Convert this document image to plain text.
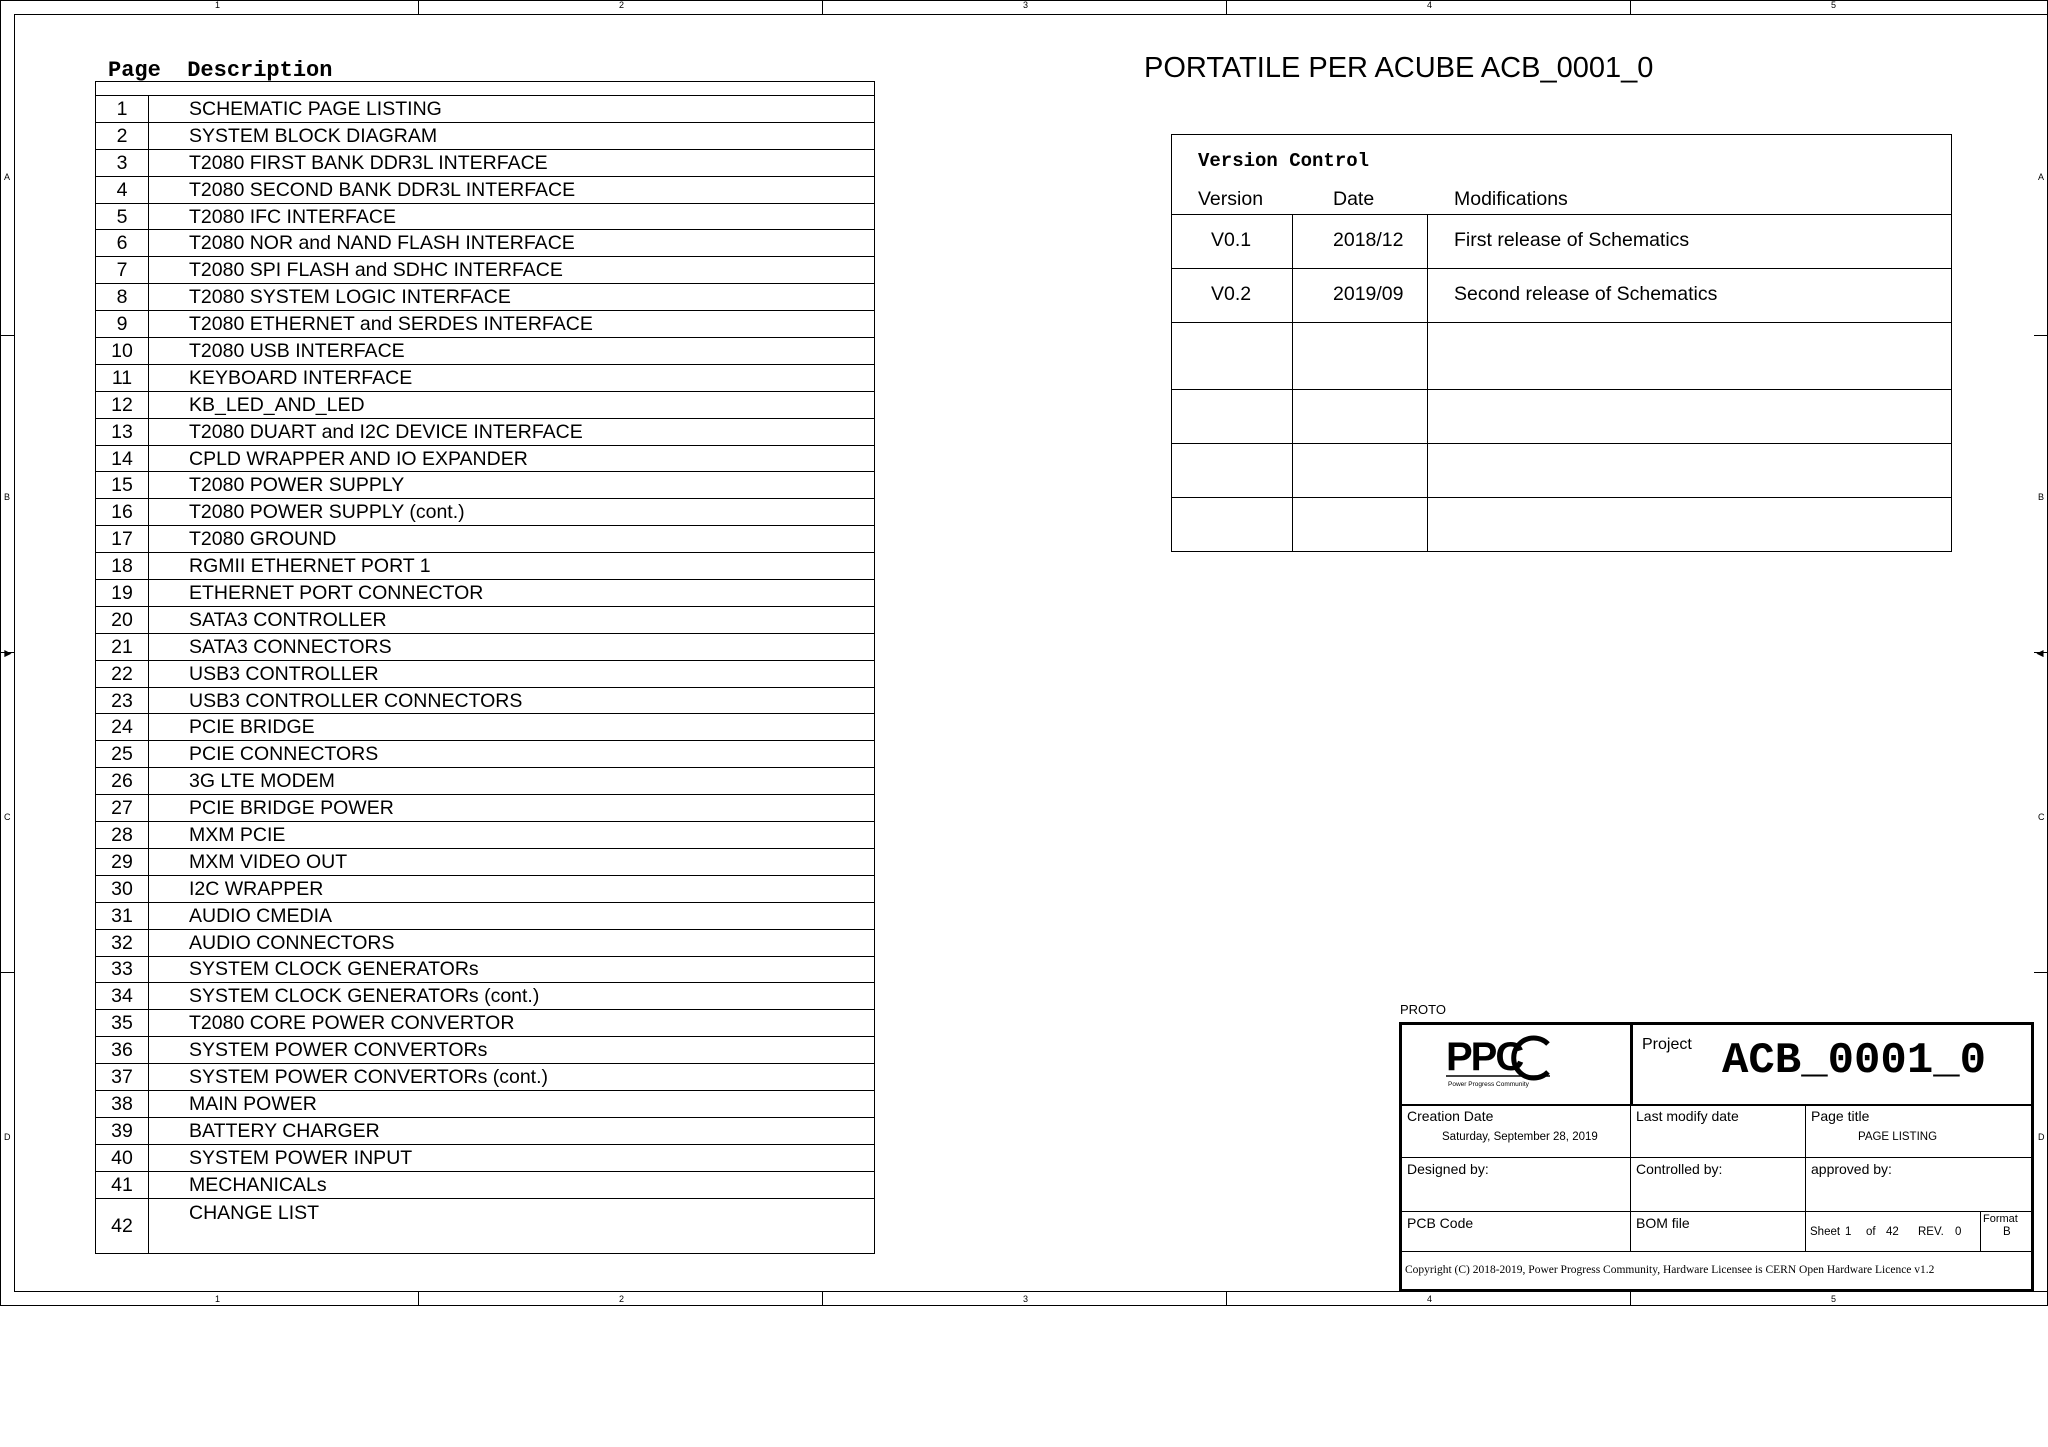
1	2	3	4	5
1	2	3	4	5
A
B
C
D
A
B
C
D
►	◄
Page  Description
1	SCHEMATIC PAGE LISTING
2	SYSTEM BLOCK DIAGRAM
3	T2080 FIRST BANK DDR3L INTERFACE
4	T2080 SECOND BANK DDR3L INTERFACE
5	T2080 IFC INTERFACE
6	T2080 NOR and NAND FLASH INTERFACE
7	T2080 SPI FLASH and SDHC INTERFACE
8	T2080 SYSTEM LOGIC INTERFACE
9	T2080 ETHERNET and SERDES INTERFACE
10	T2080 USB INTERFACE
11	KEYBOARD INTERFACE
12	KB_LED_AND_LED
13	T2080 DUART and I2C DEVICE INTERFACE
14	CPLD WRAPPER AND IO EXPANDER
15	T2080 POWER SUPPLY
16	T2080 POWER SUPPLY (cont.)
17	T2080 GROUND
18	RGMII ETHERNET PORT 1
19	ETHERNET PORT CONNECTOR
20	SATA3 CONTROLLER
21	SATA3 CONNECTORS
22	USB3 CONTROLLER
23	USB3 CONTROLLER CONNECTORS
24	PCIE BRIDGE
25	PCIE CONNECTORS
26	3G LTE MODEM
27	PCIE BRIDGE POWER
28	MXM PCIE
29	MXM VIDEO OUT
30	I2C WRAPPER
31	AUDIO CMEDIA
32	AUDIO CONNECTORS
33	SYSTEM CLOCK GENERATORs
34	SYSTEM CLOCK GENERATORs (cont.)
35	T2080 CORE POWER CONVERTOR
36	SYSTEM POWER CONVERTORs
37	SYSTEM POWER CONVERTORs (cont.)
38	MAIN POWER
39	BATTERY CHARGER
40	SYSTEM POWER INPUT
41	MECHANICALs
42	CHANGE LIST
PORTATILE PER ACUBE ACB_0001_0
Version Control
Version	Date	Modifications
V0.1	2018/12	First release of Schematics
V0.2	2019/09	Second release of Schematics
PROTO
PPC
Power Progress Community
Project ACB_0001_0
Creation Date
Saturday, September 28, 2019
Last modify date	Page title
PAGE LISTING
Designed by:	Controlled by:	approved by:
PCB Code	BOM file
Sheet 1 of 42 REV. 0
Format
B
Copyright (C) 2018-2019, Power Progress Community, Hardware Licensee is CERN Open Hardware Licence v1.2
